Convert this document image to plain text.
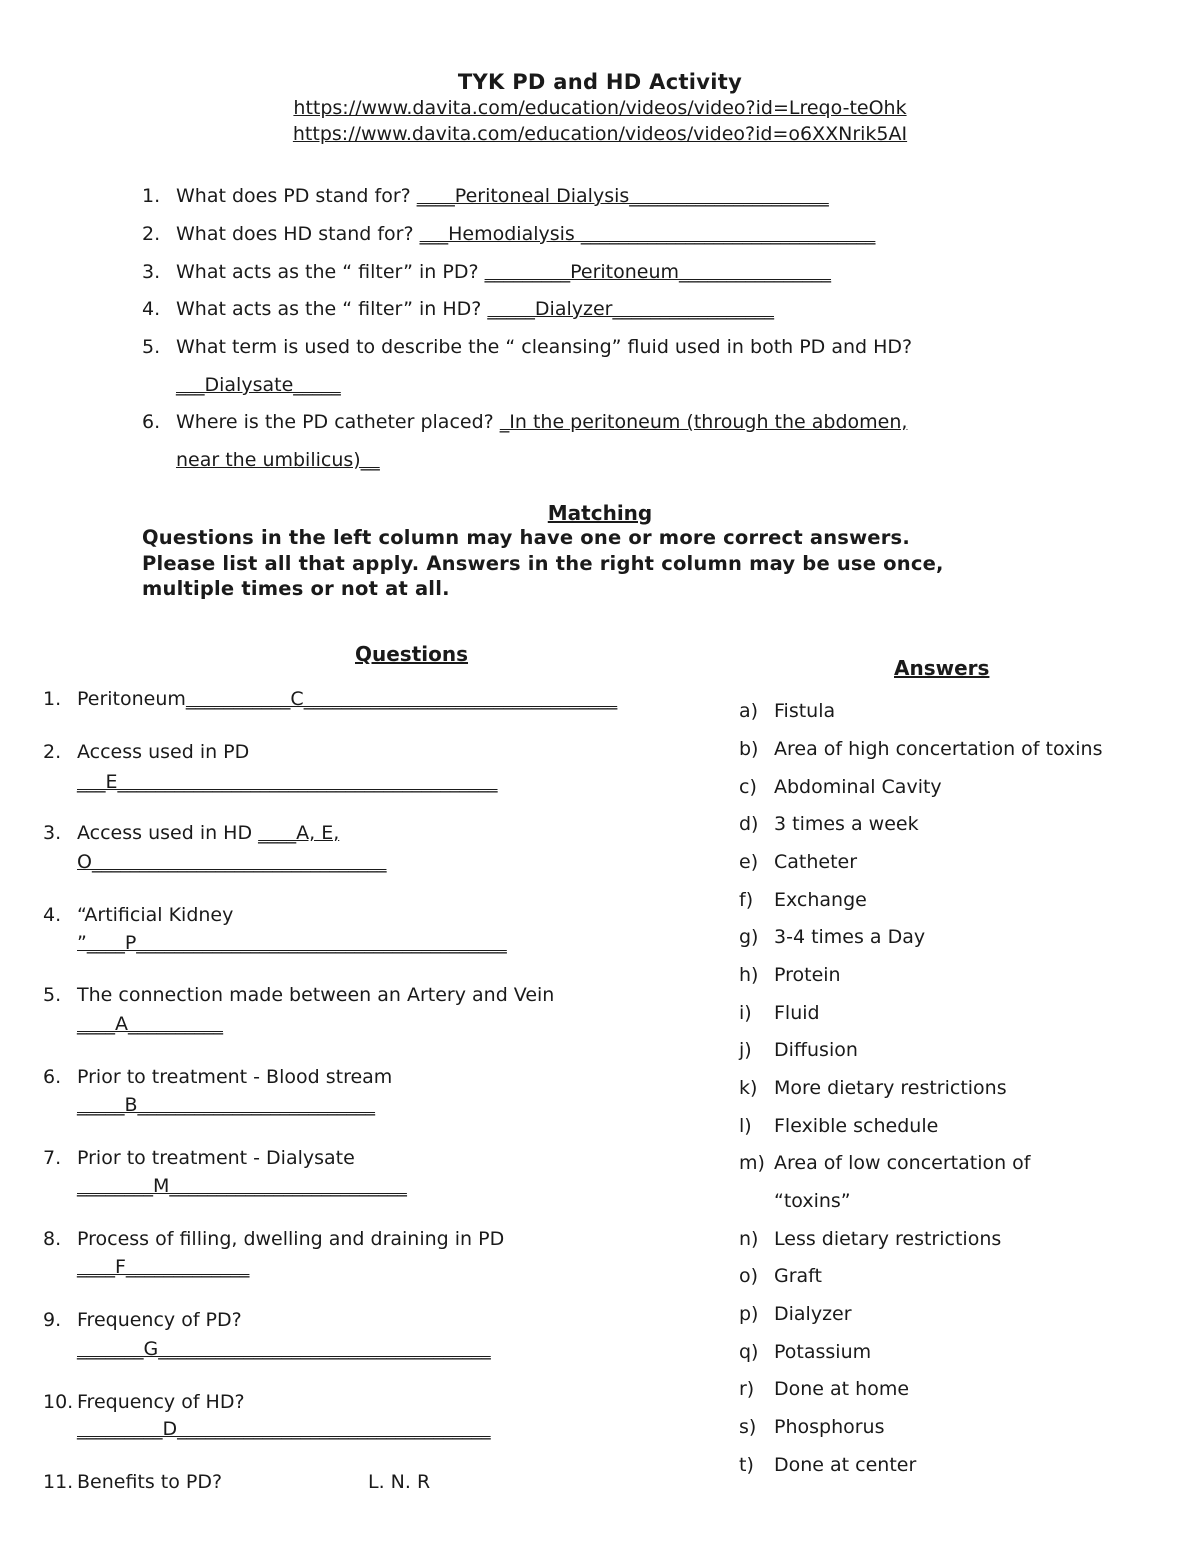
TYK PD and HD Activity
https://www.davita.com/education/videos/video?id=Lreqo-teOhk
https://www.davita.com/education/videos/video?id=o6XXNrik5AI
1. What does PD stand for? ____Peritoneal Dialysis_____________________
2. What does HD stand for? ___Hemodialysis _______________________________
3. What acts as the “ filter” in PD? _________Peritoneum________________
4. What acts as the “ filter” in HD? _____Dialyzer_________________
5. What term is used to describe the “ cleansing” fluid used in both PD and HD?
___Dialysate_____
6. Where is the PD catheter placed? _In the peritoneum (through the abdomen,
near the umbilicus)__
Matching
Questions in the left column may have one or more correct answers.
Please list all that apply. Answers in the right column may be use once,
multiple times or not at all.
Questions
Answers
1. Peritoneum___________C_________________________________
2. Access used in PD
___E________________________________________
3. Access used in HD ____A, E,
O_______________________________
4. “Artificial Kidney
”____P_______________________________________
5. The connection made between an Artery and Vein
____A__________
6. Prior to treatment - Blood stream
_____B_________________________
7. Prior to treatment - Dialysate
________M_________________________
8. Process of filling, dwelling and draining in PD
____F_____________
9. Frequency of PD?
_______G___________________________________
10. Frequency of HD?
_________D_________________________________
11. Benefits to PD?	L. N. R
a) Fistula
b) Area of high concertation of toxins
c) Abdominal Cavity
d) 3 times a week
e) Catheter
f) Exchange
g) 3-4 times a Day
h) Protein
i) Fluid
j) Diffusion
k) More dietary restrictions
l) Flexible schedule
m) Area of low concertation of
“toxins”
n) Less dietary restrictions
o) Graft
p) Dialyzer
q) Potassium
r) Done at home
s) Phosphorus
t) Done at center
